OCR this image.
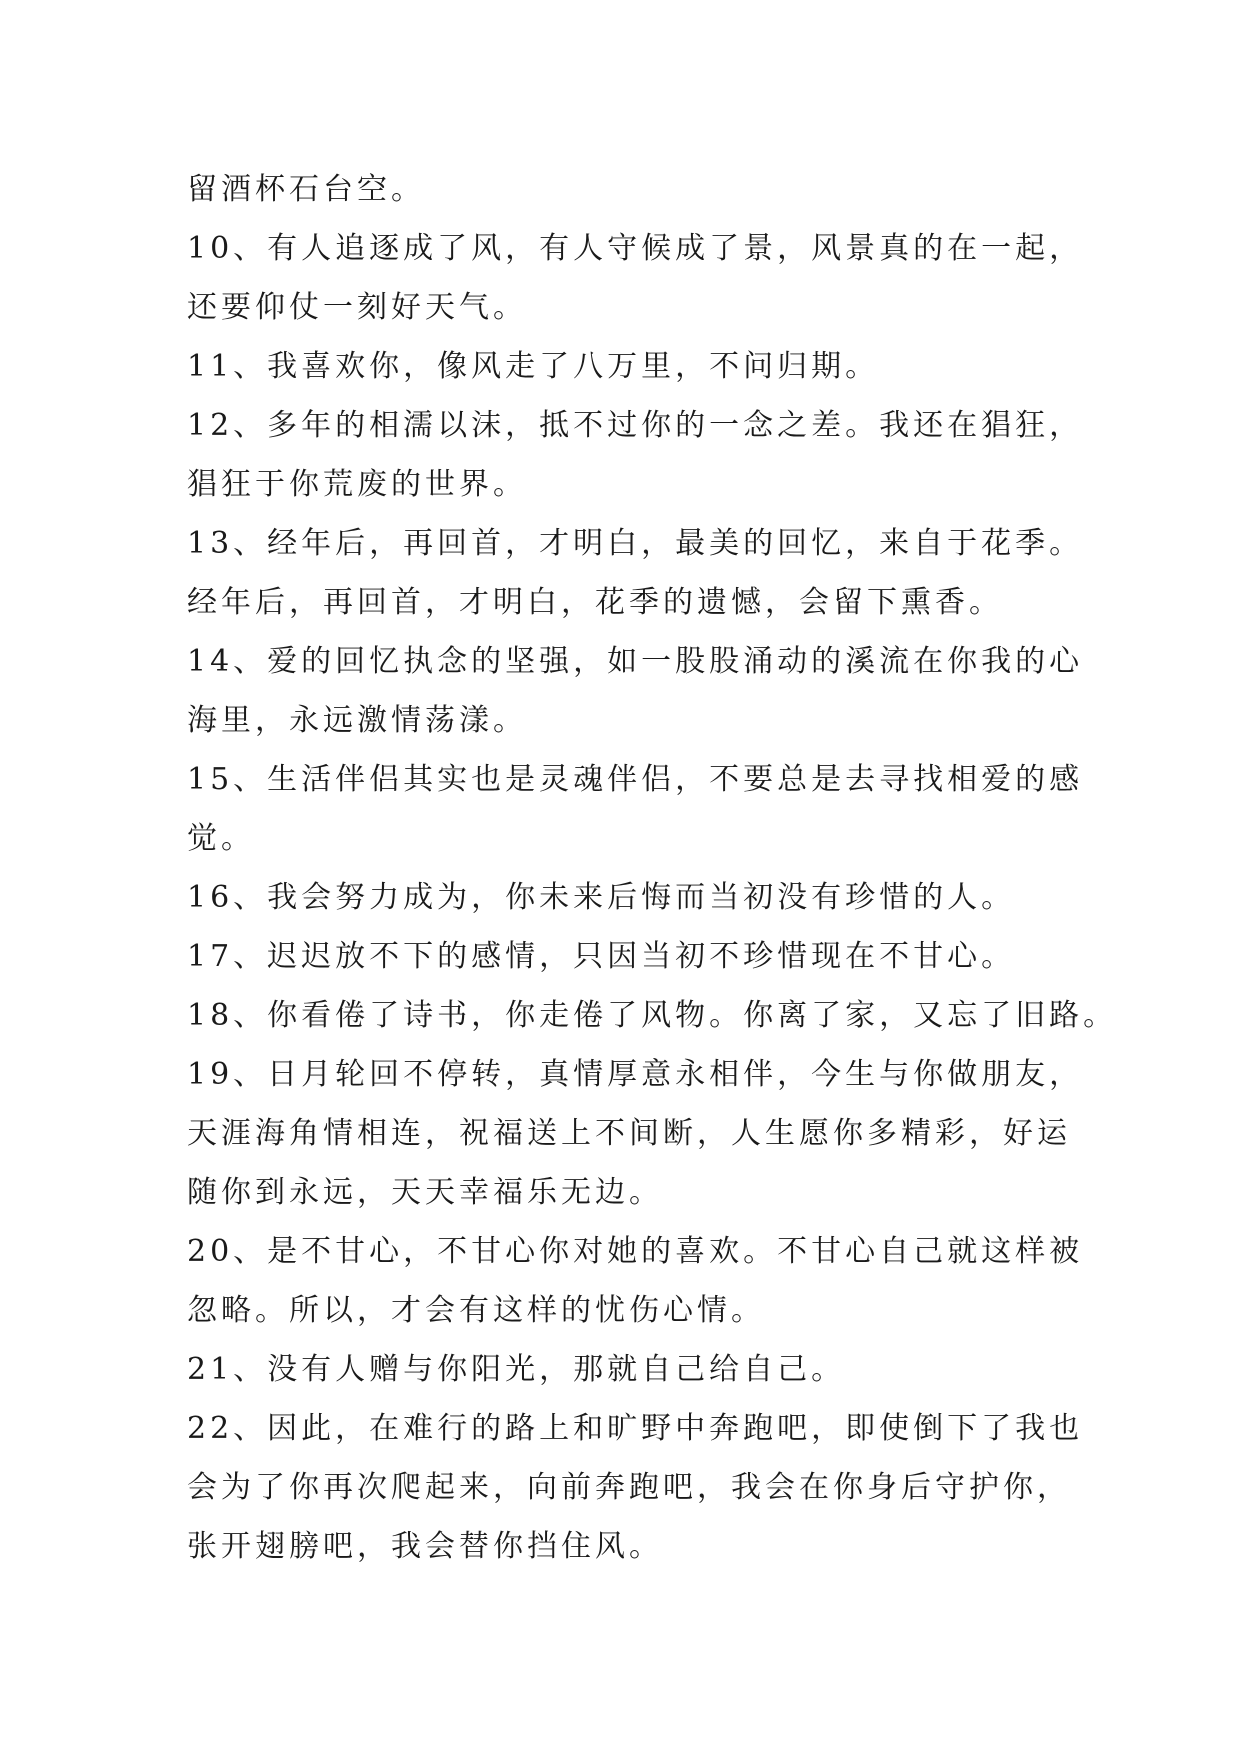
留酒杯石台空。
10、有人追逐成了风，有人守候成了景，风景真的在一起，
还要仰仗一刻好天气。
11、我喜欢你，像风走了八万里，不问归期。
12、多年的相濡以沫，抵不过你的一念之差。我还在猖狂，
猖狂于你荒废的世界。
13、经年后，再回首，才明白，最美的回忆，来自于花季。
经年后，再回首，才明白，花季的遗憾，会留下熏香。
14、爱的回忆执念的坚强，如一股股涌动的溪流在你我的心
海里，永远激情荡漾。
15、生活伴侣其实也是灵魂伴侣，不要总是去寻找相爱的感
觉。
16、我会努力成为，你未来后悔而当初没有珍惜的人。
17、迟迟放不下的感情，只因当初不珍惜现在不甘心。
18、你看倦了诗书，你走倦了风物。你离了家，又忘了旧路。
19、日月轮回不停转，真情厚意永相伴，今生与你做朋友，
天涯海角情相连，祝福送上不间断，人生愿你多精彩，好运
随你到永远，天天幸福乐无边。
20、是不甘心，不甘心你对她的喜欢。不甘心自己就这样被
忽略。所以，才会有这样的忧伤心情。
21、没有人赠与你阳光，那就自己给自己。
22、因此，在难行的路上和旷野中奔跑吧，即使倒下了我也
会为了你再次爬起来，向前奔跑吧，我会在你身后守护你，
张开翅膀吧，我会替你挡住风。
